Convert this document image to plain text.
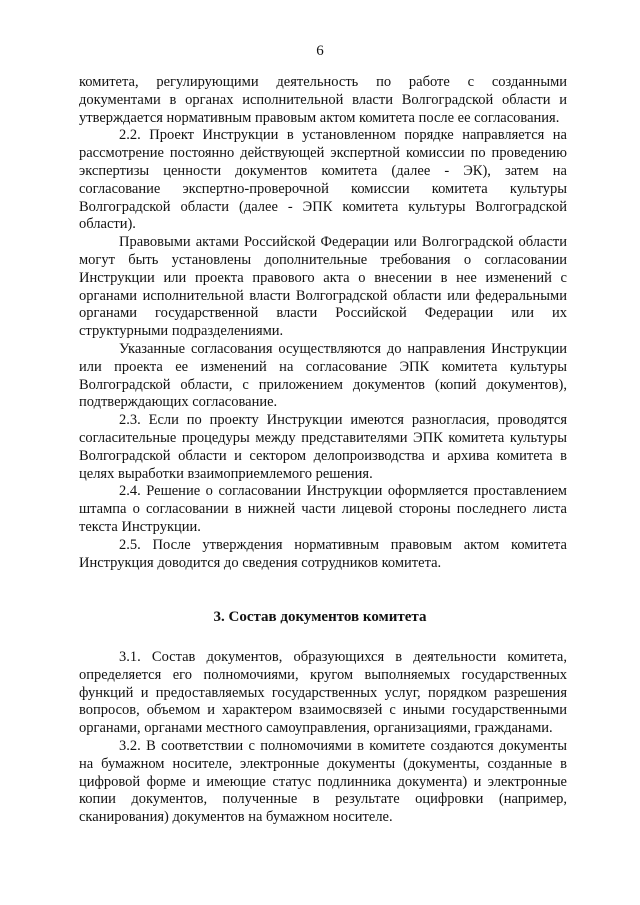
6

комитета, регулирующими деятельность по работе с созданными документами в органах исполнительной власти Волгоградской области и утверждается нормативным правовым актом комитета после ее согласования.

2.2. Проект Инструкции в установленном порядке направляется на рассмотрение постоянно действующей экспертной комиссии по проведению экспертизы ценности документов комитета (далее - ЭК), затем на согласование экспертно-проверочной комиссии комитета культуры Волгоградской области (далее - ЭПК комитета культуры Волгоградской области).

Правовыми актами Российской Федерации или Волгоградской области могут быть установлены дополнительные требования о согласовании Инструкции или проекта правового акта о внесении в нее изменений с органами исполнительной власти Волгоградской области или федеральными органами государственной власти Российской Федерации или их структурными подразделениями.

Указанные согласования осуществляются до направления Инструкции или проекта ее изменений на согласование ЭПК комитета культуры Волгоградской области, с приложением документов (копий документов), подтверждающих согласование.

2.3. Если по проекту Инструкции имеются разногласия, проводятся согласительные процедуры между представителями ЭПК комитета культуры Волгоградской области и сектором делопроизводства и архива комитета в целях выработки взаимоприемлемого решения.

2.4. Решение о согласовании Инструкции оформляется проставлением штампа о согласовании в нижней части лицевой стороны последнего листа текста Инструкции.

2.5. После утверждения нормативным правовым актом комитета Инструкция доводится до сведения сотрудников комитета.

3. Состав документов комитета

3.1. Состав документов, образующихся в деятельности комитета, определяется его полномочиями, кругом выполняемых государственных функций и предоставляемых государственных услуг, порядком разрешения вопросов, объемом и характером взаимосвязей с иными государственными органами, органами местного самоуправления, организациями, гражданами.

3.2. В соответствии с полномочиями в комитете создаются документы на бумажном носителе, электронные документы (документы, созданные в цифровой форме и имеющие статус подлинника документа) и электронные копии документов, полученные в результате оцифровки (например, сканирования) документов на бумажном носителе.
